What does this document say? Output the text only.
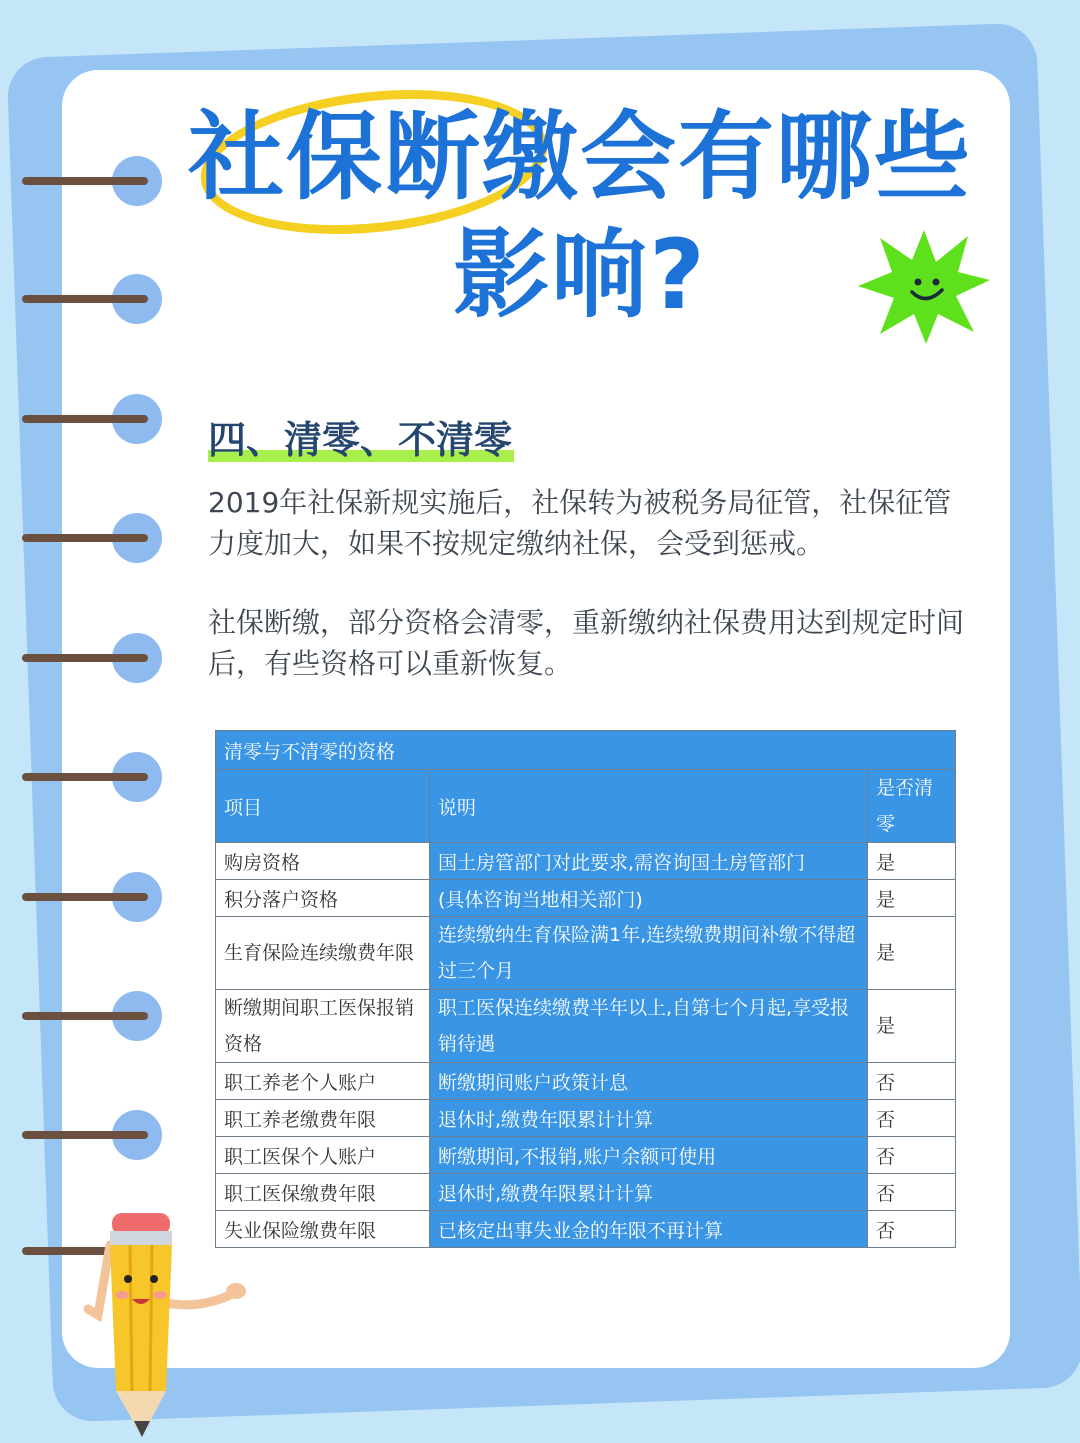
社保断缴会有哪些影响?
四、清零、不清零

2019年社保新规实施后，社保转为被税务局征管，社保征管力度加大，如果不按规定缴纳社保，会受到惩戒。

社保断缴，部分资格会清零，重新缴纳社保费用达到规定时间后，有些资格可以重新恢复。

清零与不清零的资格		
项目	说明	是否清零
购房资格	国土房管部门对此要求,需咨询国土房管部门	是
积分落户资格	(具体咨询当地相关部门)	是
生育保险连续缴费年限	连续缴纳生育保险满1年,连续缴费期间补缴不得超过三个月	是
断缴期间职工医保报销资格	职工医保连续缴费半年以上,自第七个月起,享受报销待遇	是
职工养老个人账户	断缴期间账户政策计息	否
职工养老缴费年限	退休时,缴费年限累计计算	否
职工医保个人账户	断缴期间,不报销,账户余额可使用	否
职工医保缴费年限	退休时,缴费年限累计计算	否
失业保险缴费年限	已核定出事失业金的年限不再计算	否
